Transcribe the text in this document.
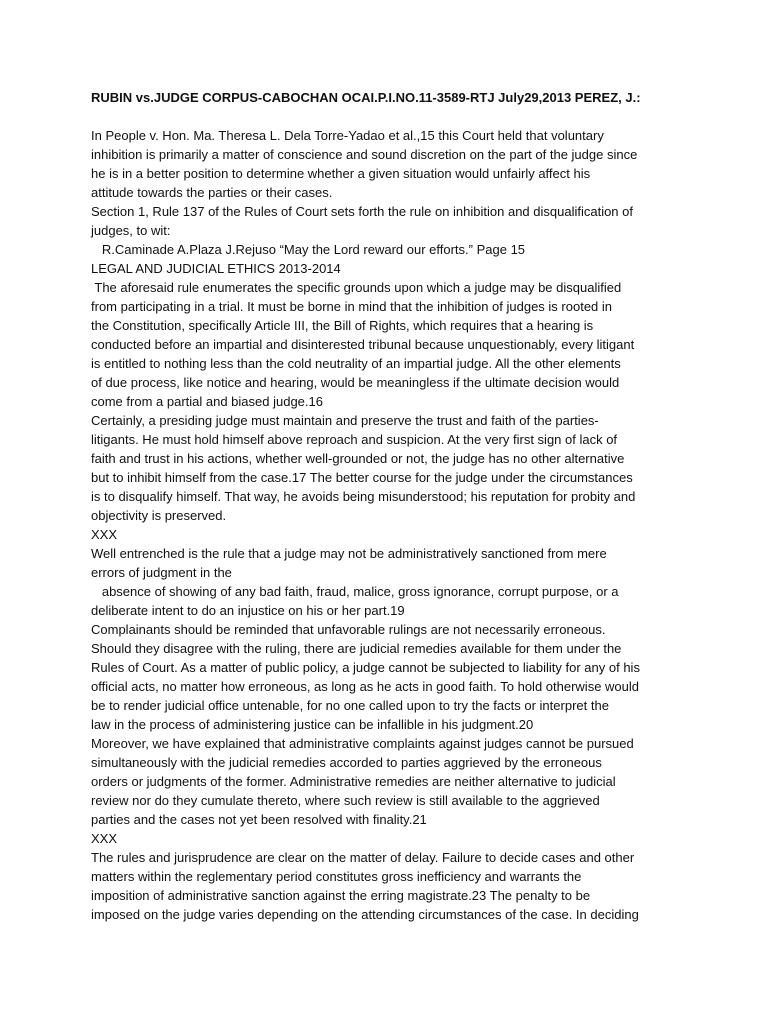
RUBIN vs.JUDGE CORPUS-CABOCHAN OCAI.P.I.NO.11-3589-RTJ July29,2013 PEREZ, J.:
In People v. Hon. Ma. Theresa L. Dela Torre-Yadao et al.,15 this Court held that voluntary
inhibition is primarily a matter of conscience and sound discretion on the part of the judge since
he is in a better position to determine whether a given situation would unfairly affect his
attitude towards the parties or their cases.
Section 1, Rule 137 of the Rules of Court sets forth the rule on inhibition and disqualification of
judges, to wit:
R.Caminade A.Plaza J.Rejuso “May the Lord reward our efforts.” Page 15
LEGAL AND JUDICIAL ETHICS 2013-2014
The aforesaid rule enumerates the specific grounds upon which a judge may be disqualified
from participating in a trial. It must be borne in mind that the inhibition of judges is rooted in
the Constitution, specifically Article III, the Bill of Rights, which requires that a hearing is
conducted before an impartial and disinterested tribunal because unquestionably, every litigant
is entitled to nothing less than the cold neutrality of an impartial judge. All the other elements
of due process, like notice and hearing, would be meaningless if the ultimate decision would
come from a partial and biased judge.16
Certainly, a presiding judge must maintain and preserve the trust and faith of the parties-
litigants. He must hold himself above reproach and suspicion. At the very first sign of lack of
faith and trust in his actions, whether well-grounded or not, the judge has no other alternative
but to inhibit himself from the case.17 The better course for the judge under the circumstances
is to disqualify himself. That way, he avoids being misunderstood; his reputation for probity and
objectivity is preserved.
XXX
Well entrenched is the rule that a judge may not be administratively sanctioned from mere
errors of judgment in the
absence of showing of any bad faith, fraud, malice, gross ignorance, corrupt purpose, or a
deliberate intent to do an injustice on his or her part.19
Complainants should be reminded that unfavorable rulings are not necessarily erroneous.
Should they disagree with the ruling, there are judicial remedies available for them under the
Rules of Court. As a matter of public policy, a judge cannot be subjected to liability for any of his
official acts, no matter how erroneous, as long as he acts in good faith. To hold otherwise would
be to render judicial office untenable, for no one called upon to try the facts or interpret the
law in the process of administering justice can be infallible in his judgment.20
Moreover, we have explained that administrative complaints against judges cannot be pursued
simultaneously with the judicial remedies accorded to parties aggrieved by the erroneous
orders or judgments of the former. Administrative remedies are neither alternative to judicial
review nor do they cumulate thereto, where such review is still available to the aggrieved
parties and the cases not yet been resolved with finality.21
XXX
The rules and jurisprudence are clear on the matter of delay. Failure to decide cases and other
matters within the reglementary period constitutes gross inefficiency and warrants the
imposition of administrative sanction against the erring magistrate.23 The penalty to be
imposed on the judge varies depending on the attending circumstances of the case. In deciding
